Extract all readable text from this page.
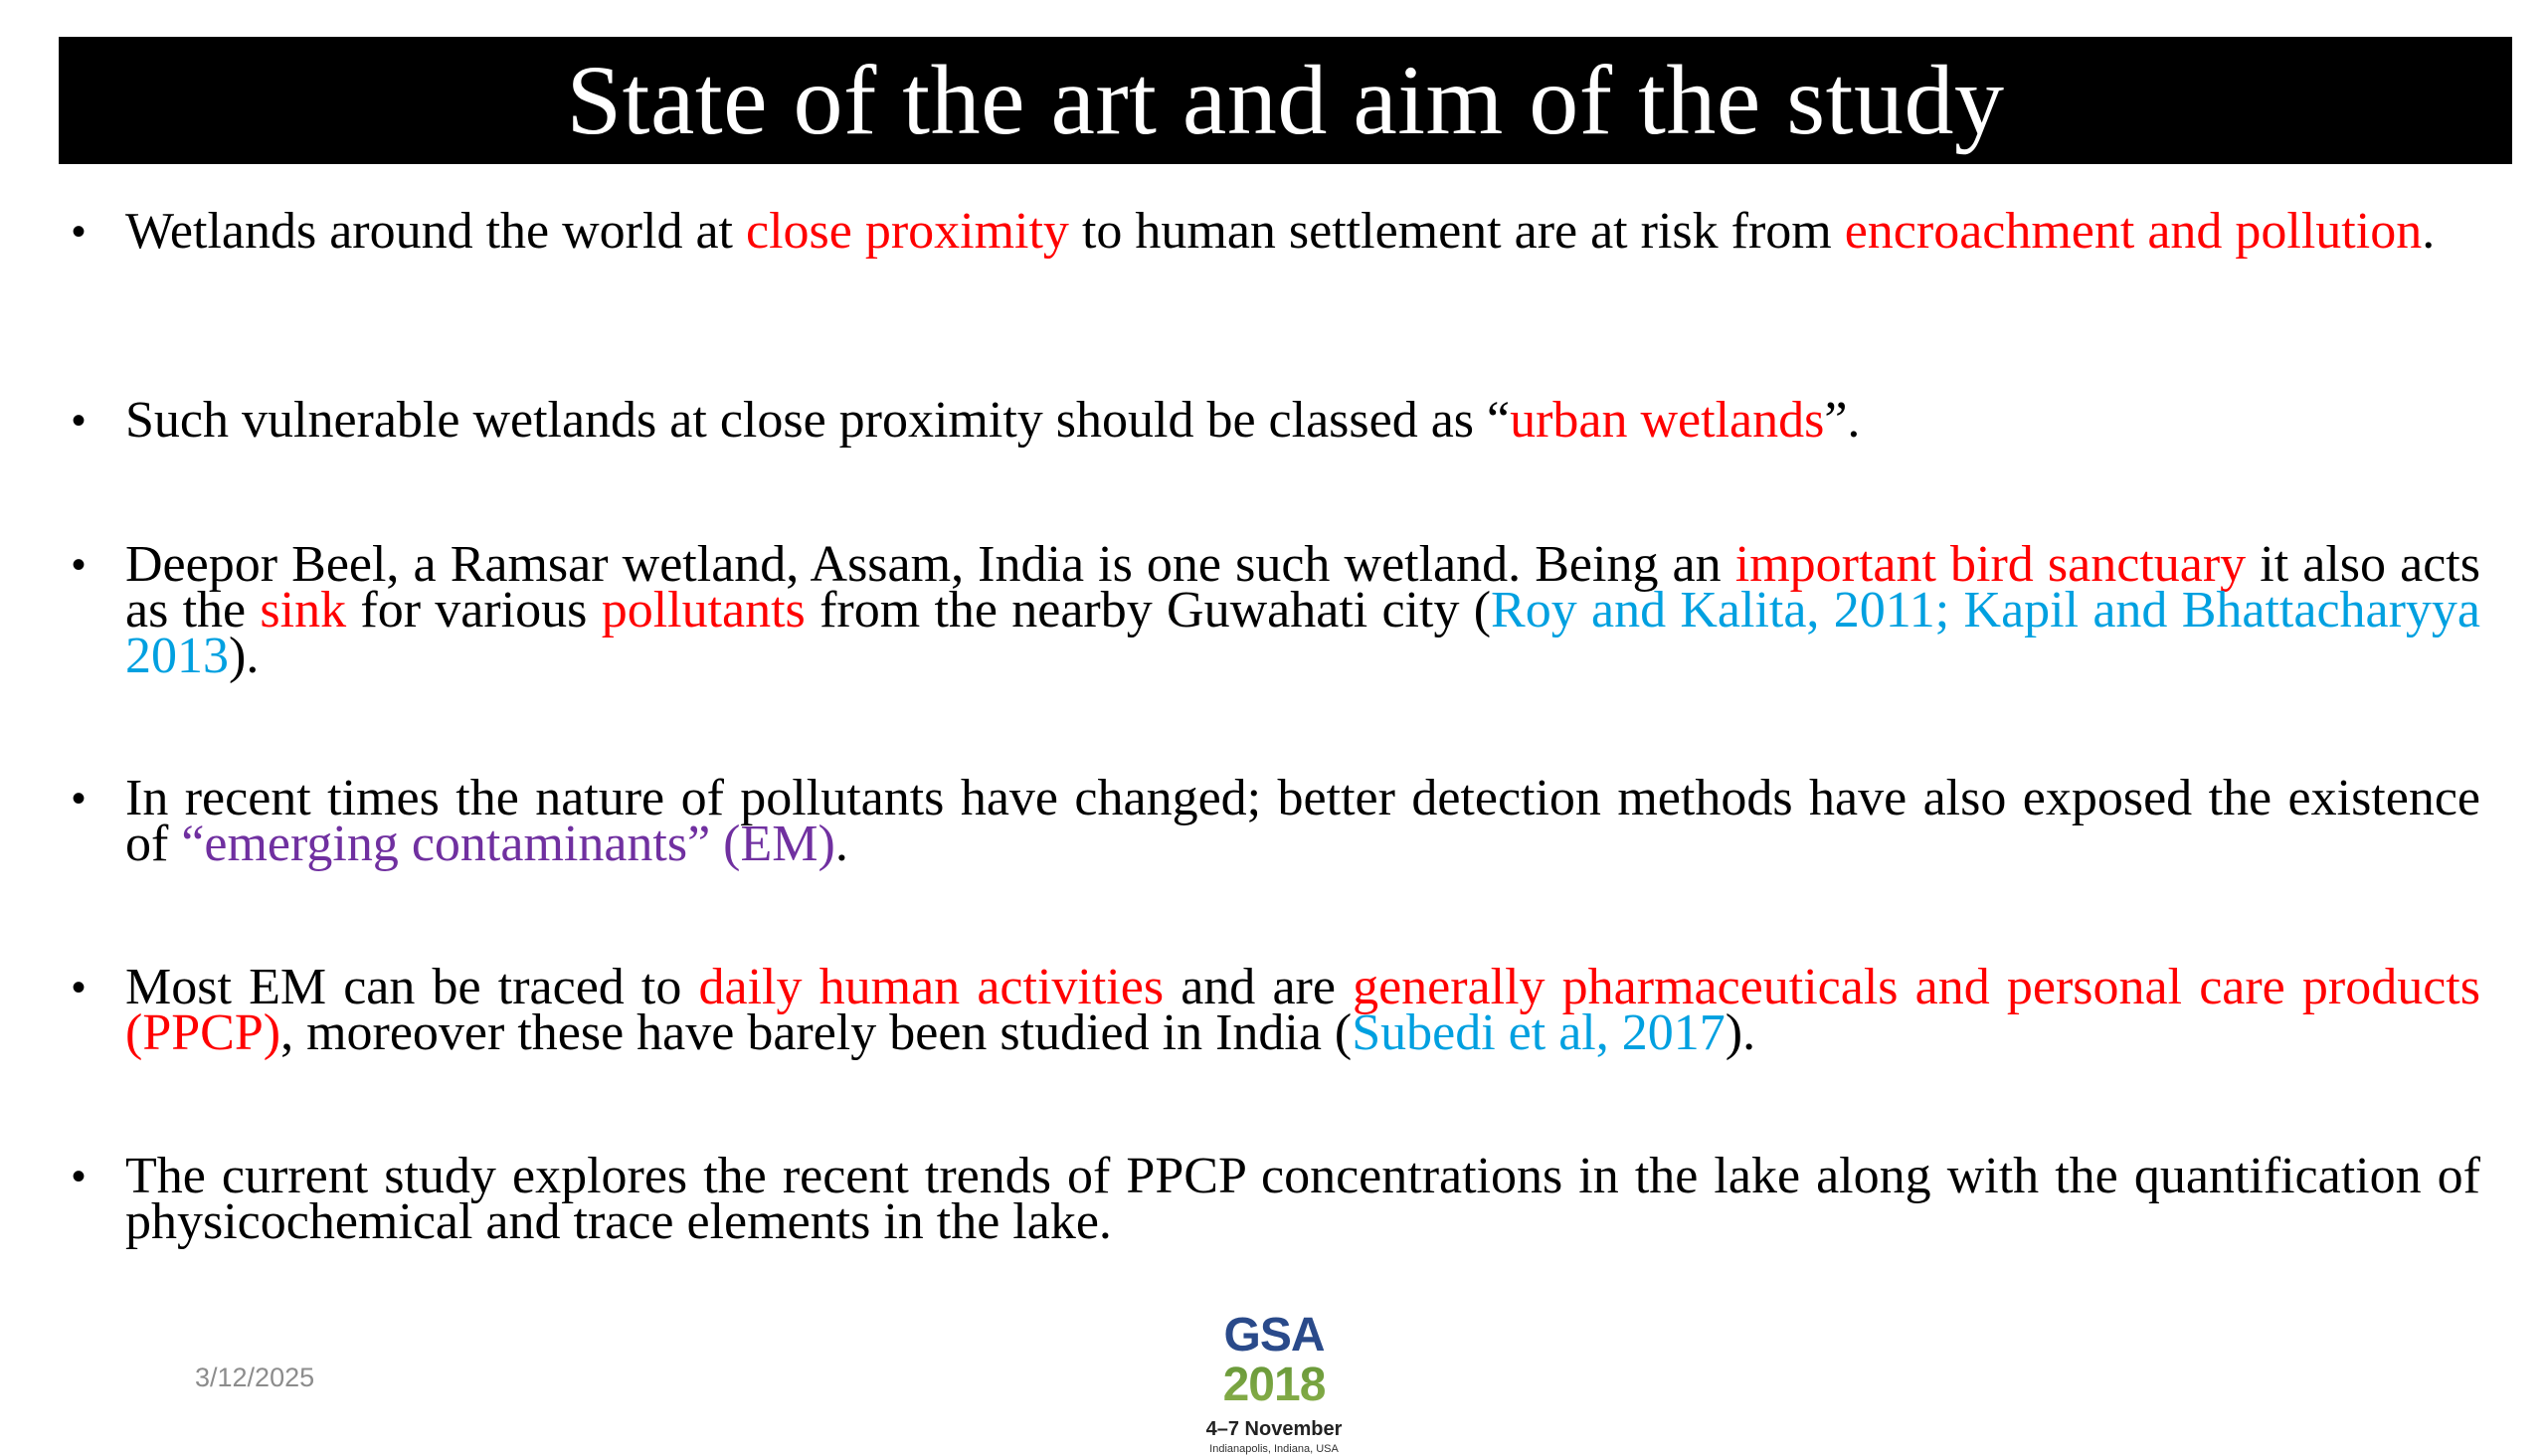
State of the art and aim of the study
• Wetlands around the world at close proximity to human settlement are at risk from encroachment and pollution.
• Such vulnerable wetlands at close proximity should be classed as “urban wetlands”.
• Deepor Beel, a Ramsar wetland, Assam, India is one such wetland. Being an important bird sanctuary it also acts as the sink for various pollutants from the nearby Guwahati city (Roy and Kalita, 2011; Kapil and Bhattacharyya 2013).
• In recent times the nature of pollutants have changed; better detection methods have also exposed the existence of “emerging contaminants” (EM).
• Most EM can be traced to daily human activities and are generally pharmaceuticals and personal care products (PPCP), moreover these have barely been studied in India (Subedi et al, 2017).
• The current study explores the recent trends of PPCP concentrations in the lake along with the quantification of physicochemical and trace elements in the lake.
3/12/2025
GSA 2018
4–7 November
Indianapolis, Indiana, USA
